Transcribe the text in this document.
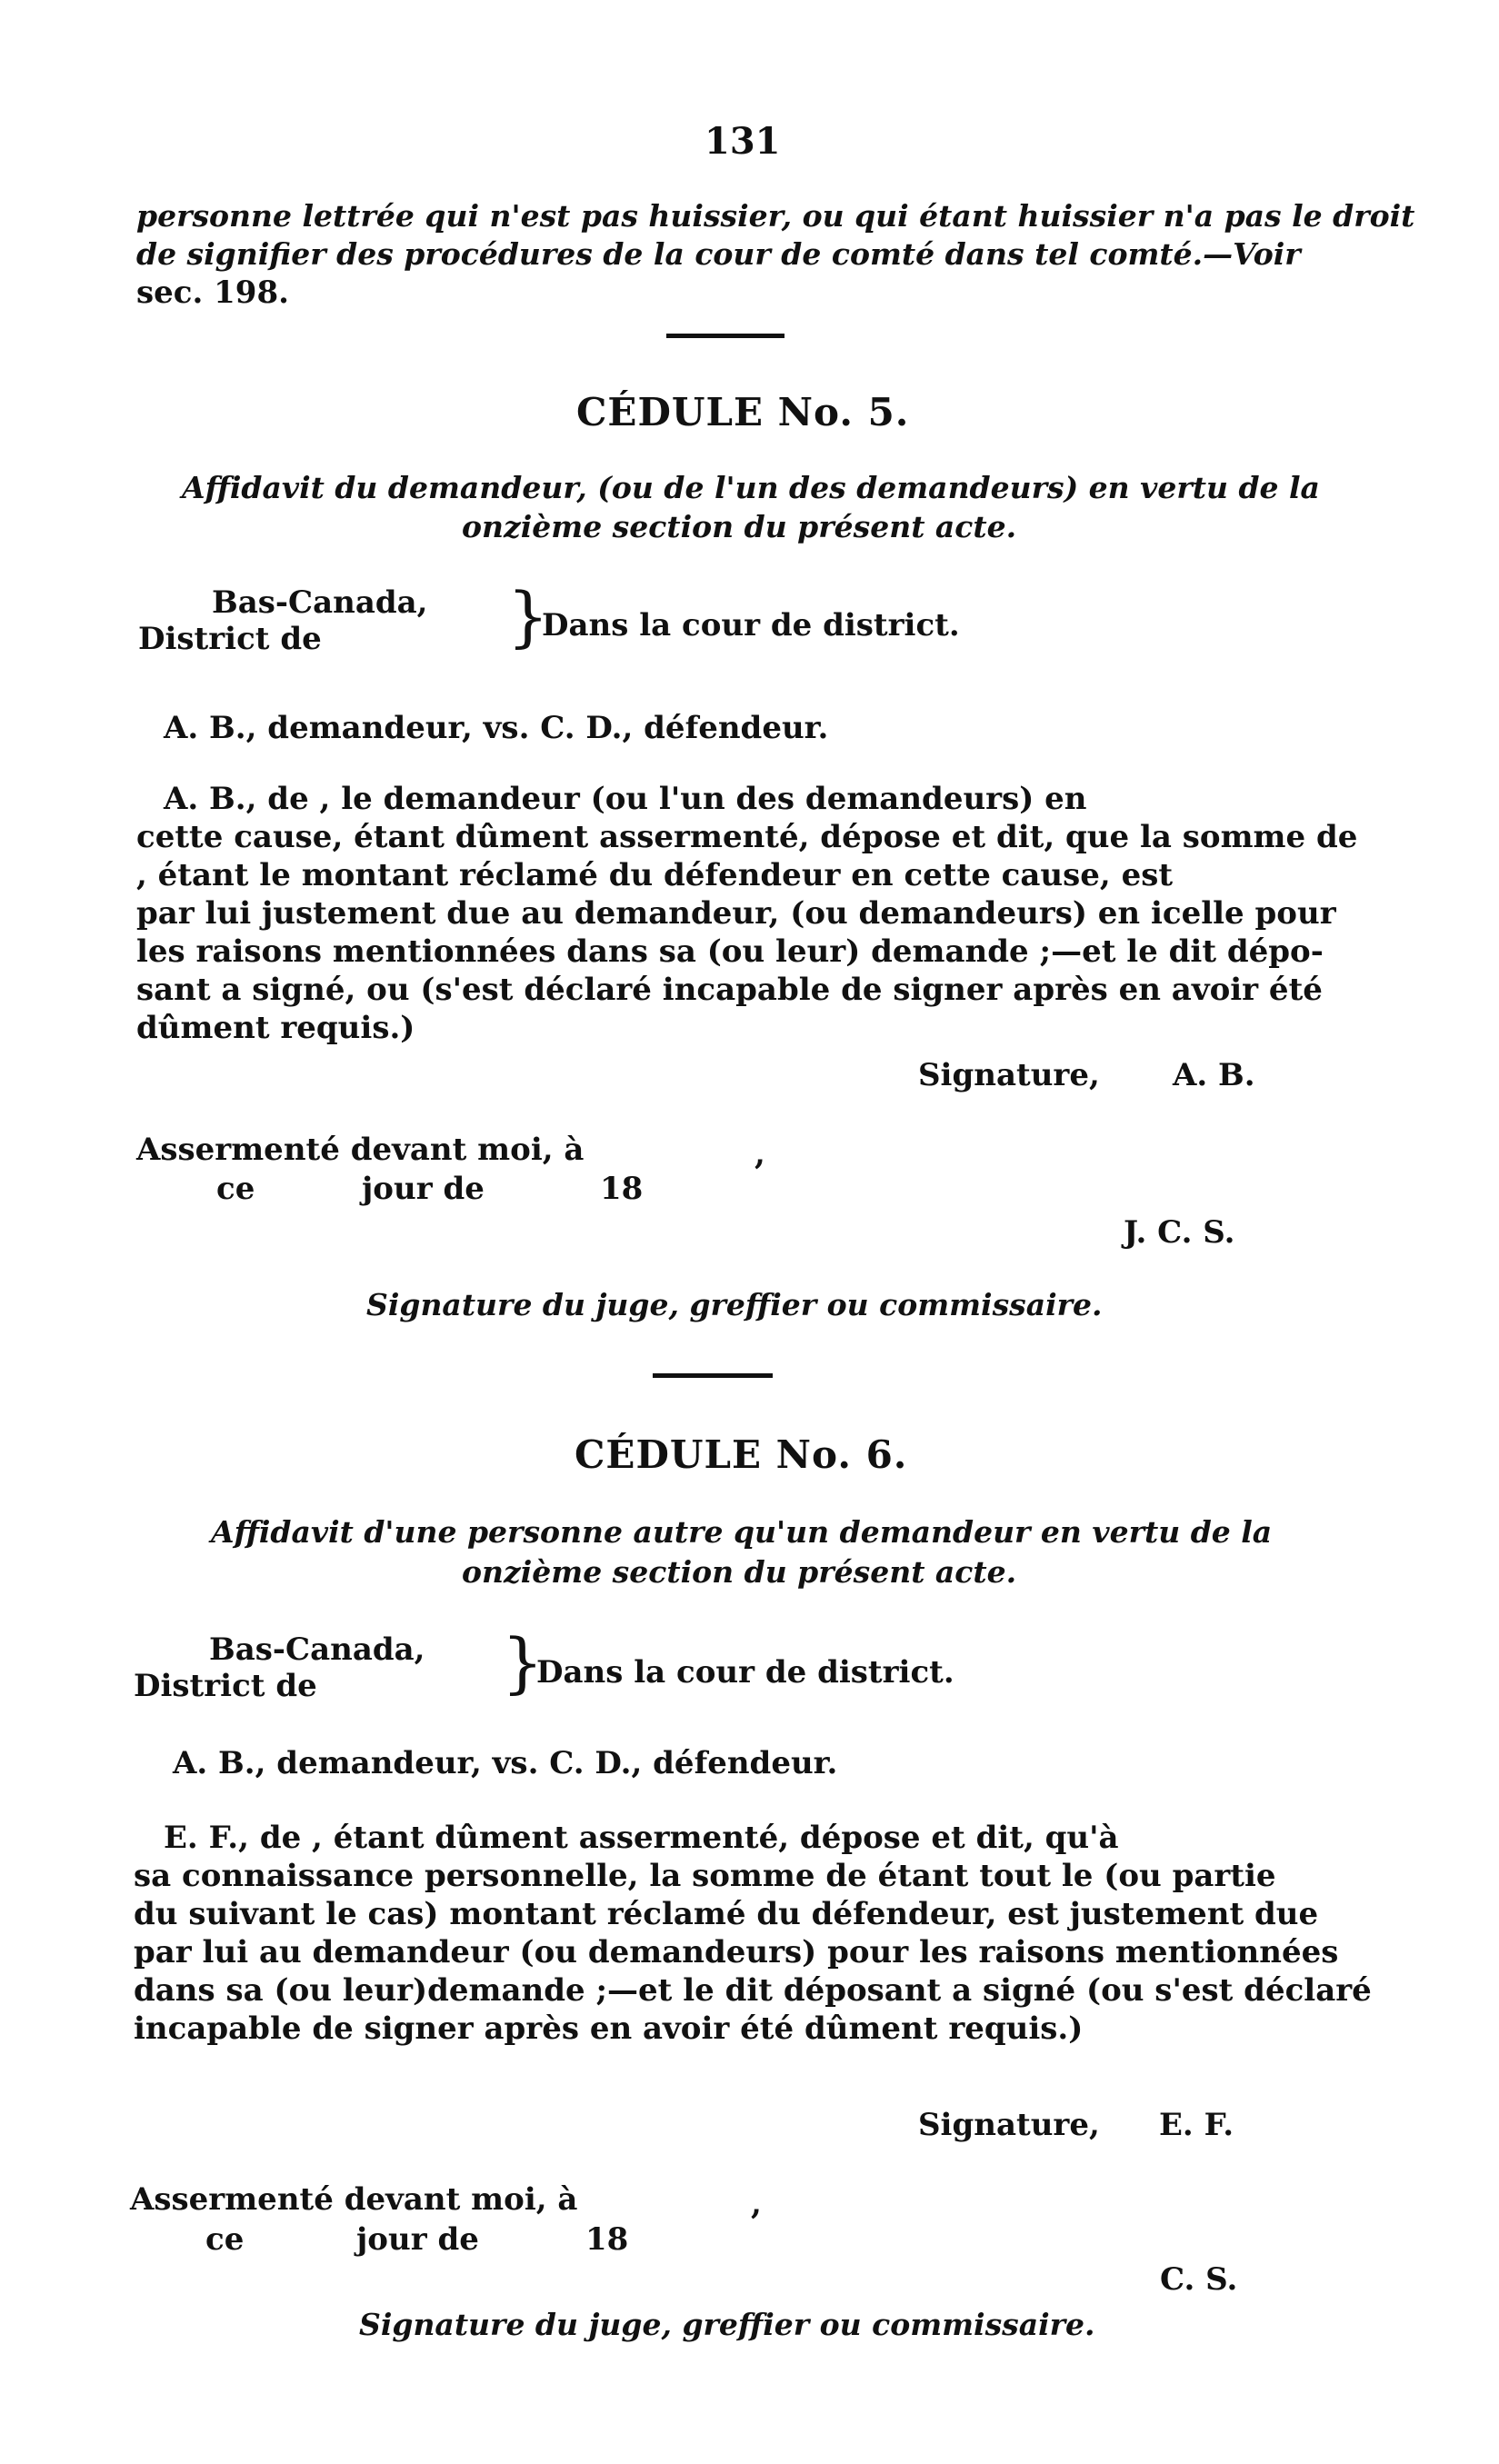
131
personne lettrée qui n'est pas huissier, ou qui étant huissier n'a pas le droit
de signifier des procédures de la cour de comté dans tel comté.—Voir
sec. 198.
CÉDULE No. 5.
Affidavit du demandeur, (ou de l'un des demandeurs) en vertu de la
onzième section du présent acte.
Bas-Canada,
District de	}
Dans la cour de district.
A. B., demandeur, vs. C. D., défendeur.
A. B., de , le demandeur (ou l'un des demandeurs) en
cette cause, étant dûment assermenté, dépose et dit, que la somme de
, étant le montant réclamé du défendeur en cette cause, est
par lui justement due au demandeur, (ou demandeurs) en icelle pour
les raisons mentionnées dans sa (ou leur) demande ;—et le dit dépo-
sant a signé, ou (s'est déclaré incapable de signer après en avoir été
dûment requis.)
Signature, A. B.
Assermenté devant moi, à	,
ce	jour de	18
J. C. S.
Signature du juge, greffier ou commissaire.
CÉDULE No. 6.
Affidavit d'une personne autre qu'un demandeur en vertu de la
onzième section du présent acte.
Bas-Canada,
District de	}
Dans la cour de district.
A. B., demandeur, vs. C. D., défendeur.
E. F., de , étant dûment assermenté, dépose et dit, qu'à
sa connaissance personnelle, la somme de étant tout le (ou partie
du suivant le cas) montant réclamé du défendeur, est justement due
par lui au demandeur (ou demandeurs) pour les raisons mentionnées
dans sa (ou leur)demande ;—et le dit déposant a signé (ou s'est déclaré
incapable de signer après en avoir été dûment requis.)
Signature, E. F.
Assermenté devant moi, à	,
ce	jour de	18
C. S.
Signature du juge, greffier ou commissaire.
